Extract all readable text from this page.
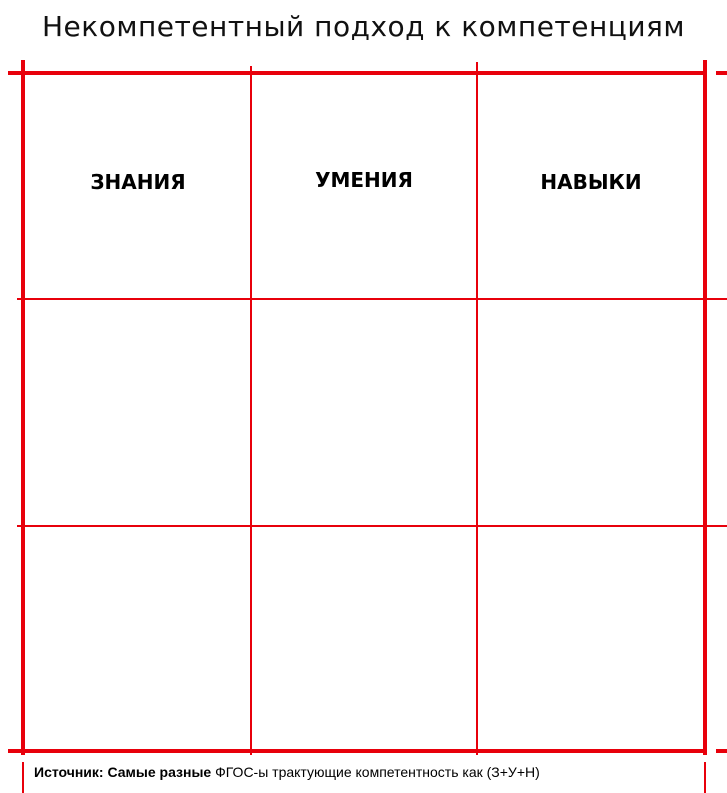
Некомпетентный подход к компетенциям
ЗНАНИЯ	УМЕНИЯ	НАВЫКИ
Источник: Самые разные ФГОС-ы трактующие компетентность как (З+У+Н)
